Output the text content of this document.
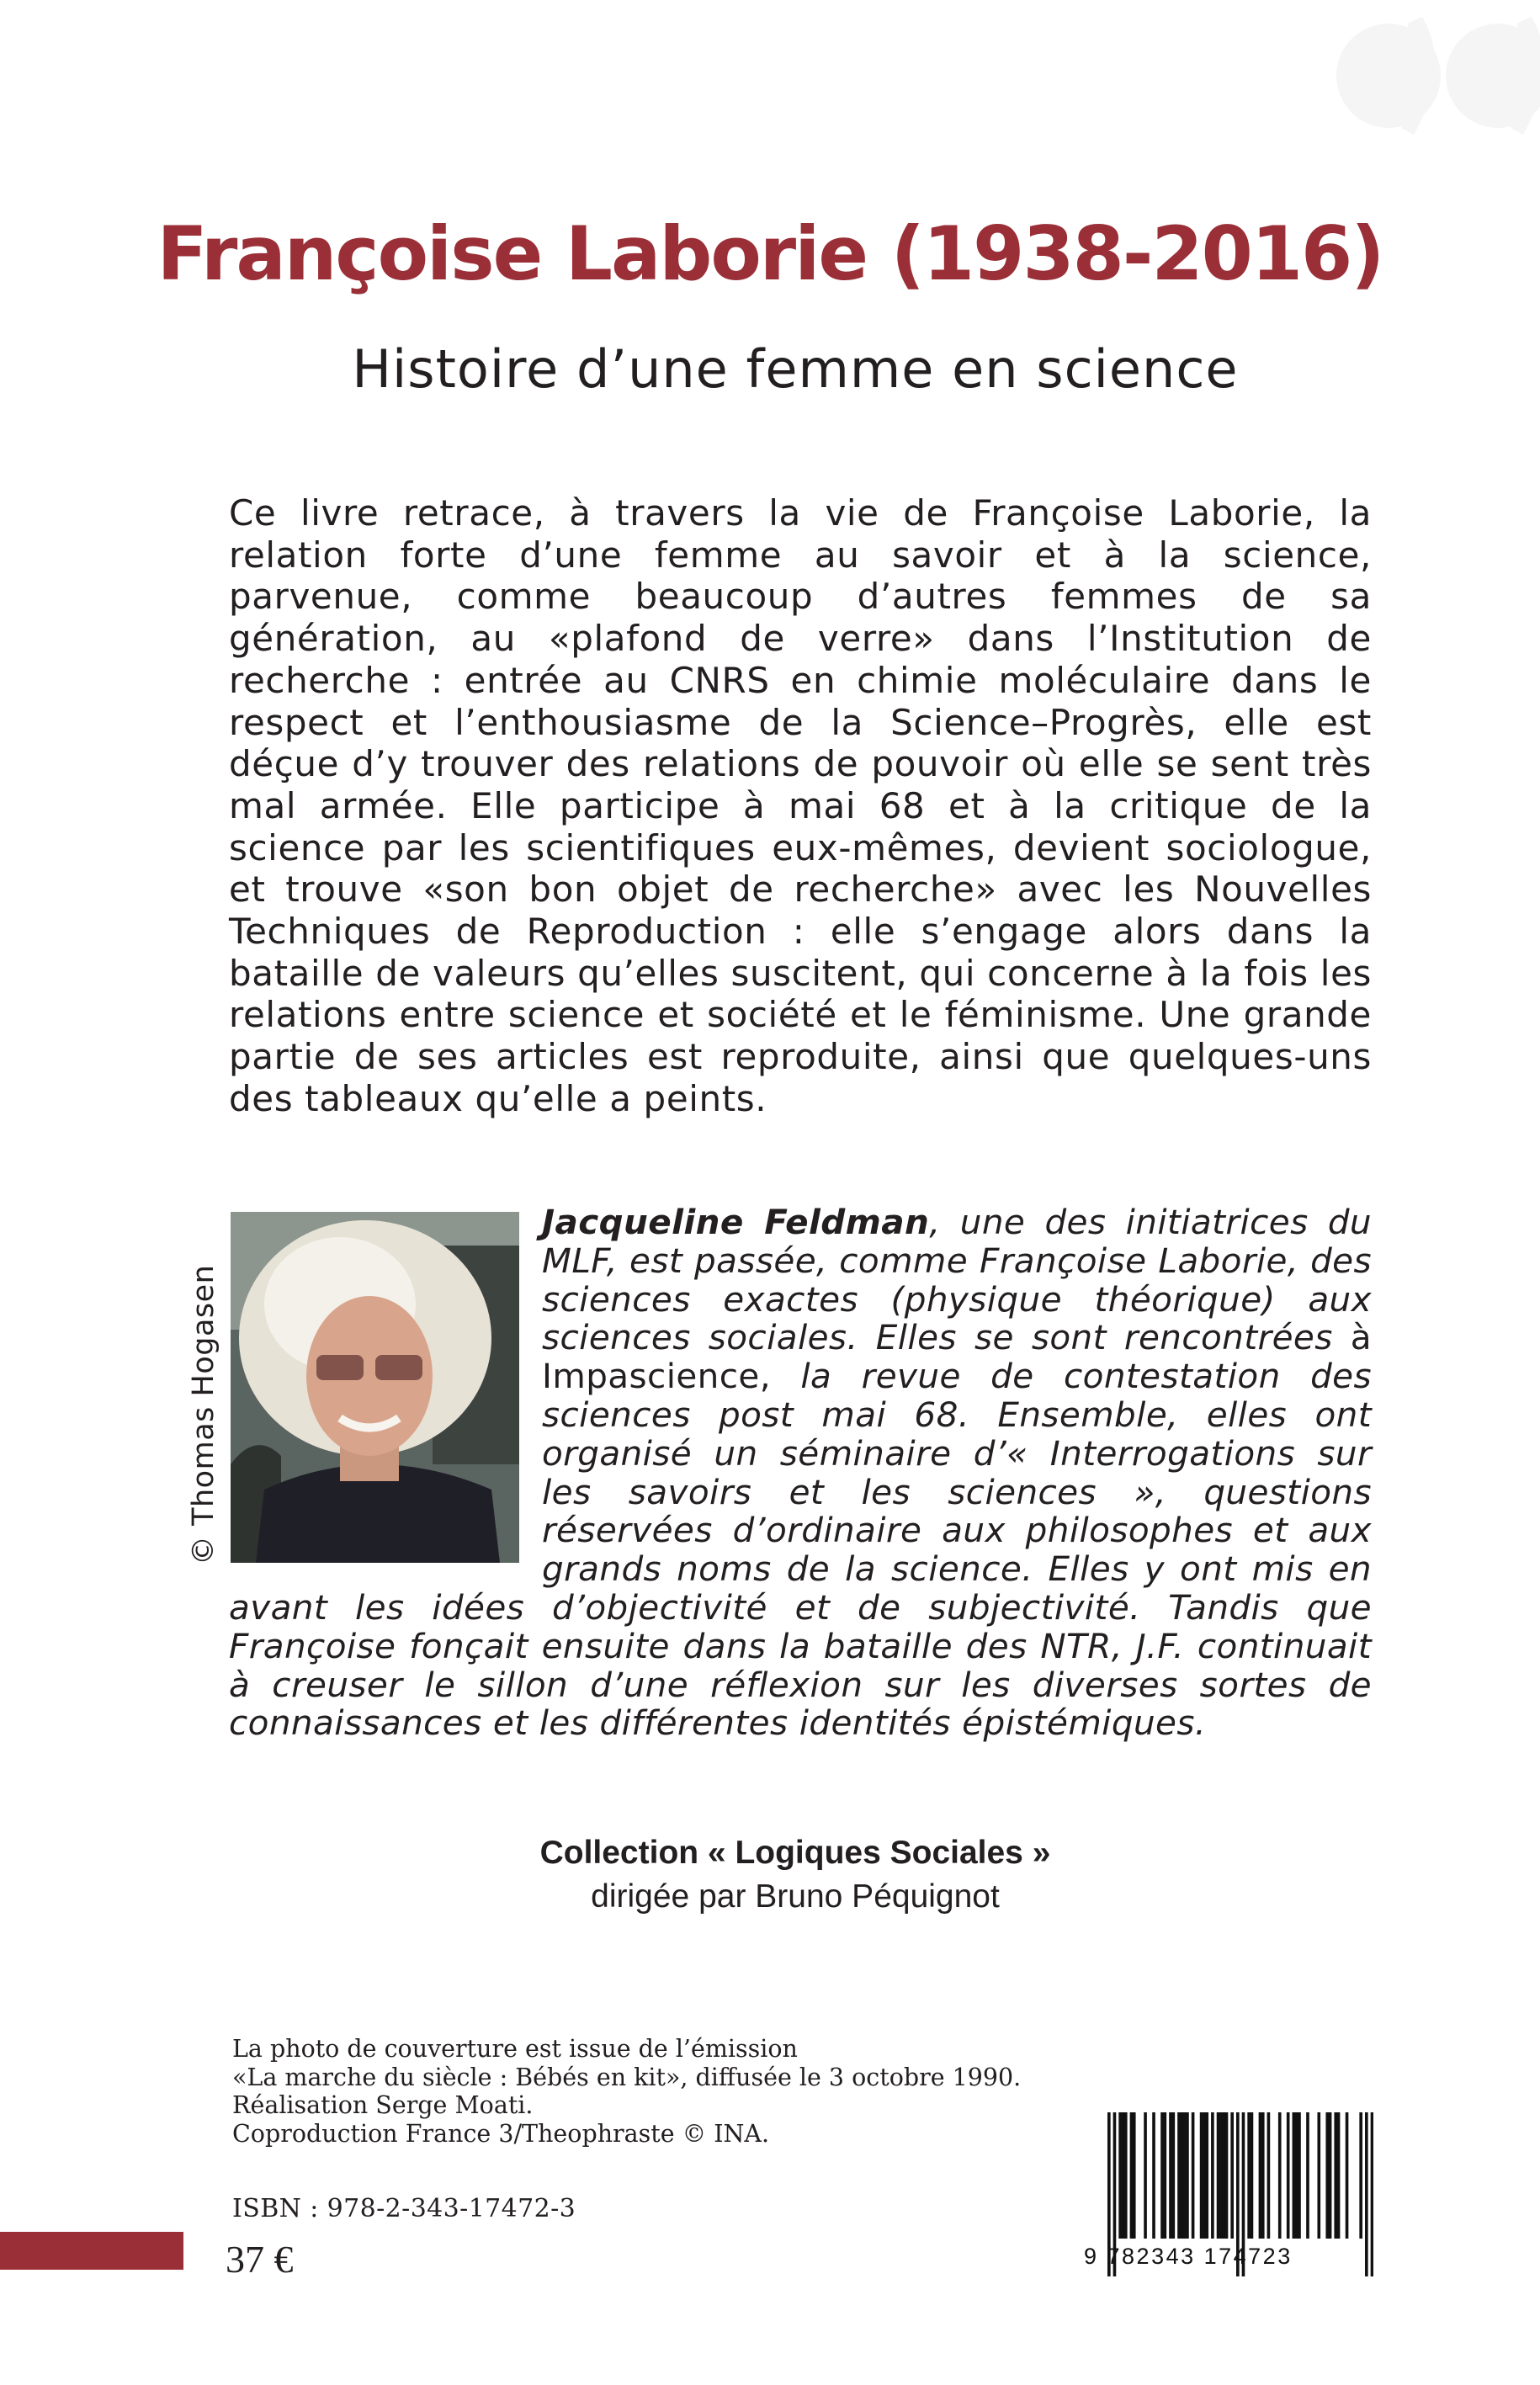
Françoise Laborie (1938-2016)
Histoire d’une femme en science

Ce livre retrace, à travers la vie de Françoise Laborie, la relation forte d’une femme au savoir et à la science, parvenue, comme beaucoup d’autres femmes de sa génération, au «plafond de verre» dans l’Institution de recherche : entrée au CNRS en chimie moléculaire dans le respect et l’enthousiasme de la Science–Progrès, elle est déçue d’y trouver des relations de pouvoir où elle se sent très mal armée. Elle participe à mai 68 et à la critique de la science par les scientifiques eux-mêmes, devient sociologue, et trouve «son bon objet de recherche» avec les Nouvelles Techniques de Reproduction : elle s’engage alors dans la bataille de valeurs qu’elles suscitent, qui concerne à la fois les relations entre science et société et le féminisme. Une grande partie de ses articles est reproduite, ainsi que quelques-uns des tableaux qu’elle a peints.

© Thomas Hogasen
Jacqueline Feldman, une des initiatrices du MLF, est passée, comme Françoise Laborie, des sciences exactes (physique théorique) aux sciences sociales. Elles se sont rencontrées à Impascience, la revue de contestation des sciences post mai 68. Ensemble, elles ont organisé un séminaire d’« Interrogations sur les savoirs et les sciences », questions réservées d’ordinaire aux philosophes et aux grands noms de la science. Elles y ont mis en avant les idées d’objectivité et de subjectivité. Tandis que Françoise fonçait ensuite dans la bataille des NTR, J.F. continuait à creuser le sillon d’une réflexion sur les diverses sortes de connaissances et les différentes identités épistémiques.
Collection « Logiques Sociales »
dirigée par Bruno Péquignot
La photo de couverture est issue de l’émission
«La marche du siècle : Bébés en kit», diffusée le 3 octobre 1990.
Réalisation Serge Moati.
Coproduction France 3/Theophraste © INA.
ISBN : 978-2-343-17472-3
37 €	9 782343 174723
